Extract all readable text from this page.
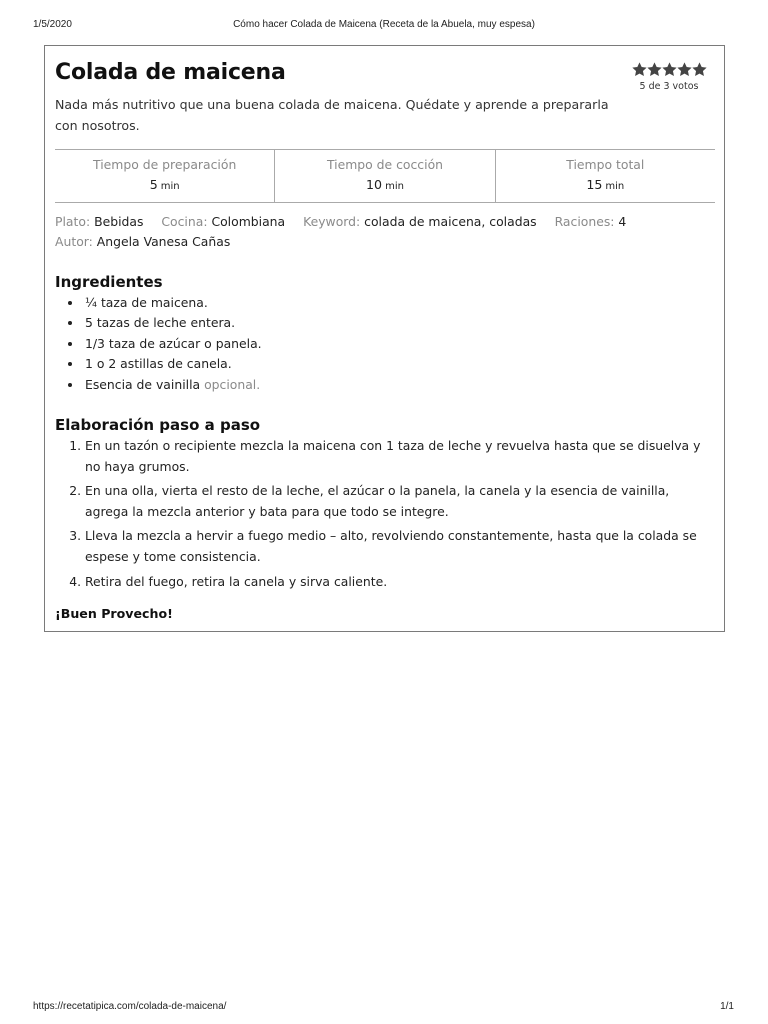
1/5/2020	Cómo hacer Colada de Maicena (Receta de la Abuela, muy espesa)
Colada de maicena
Nada más nutritivo que una buena colada de maicena. Quédate y aprende a prepararla con nosotros.
5 de 3 votos
Tiempo de preparación
5 min
Tiempo de cocción
10 min
Tiempo total
15 min
Plato: Bebidas Cocina: Colombiana Keyword: colada de maicena, coladas Raciones: 4
Autor: Angela Vanesa Cañas
Ingredientes
• ¼ taza de maicena.
• 5 tazas de leche entera.
• 1/3 taza de azúcar o panela.
• 1 o 2 astillas de canela.
• Esencia de vainilla opcional.
Elaboración paso a paso
1. En un tazón o recipiente mezcla la maicena con 1 taza de leche y revuelva hasta que se disuelva y no haya grumos.
2. En una olla, vierta el resto de la leche, el azúcar o la panela, la canela y la esencia de vainilla, agrega la mezcla anterior y bata para que todo se integre.
3. Lleva la mezcla a hervir a fuego medio – alto, revolviendo constantemente, hasta que la colada se espese y tome consistencia.
4. Retira del fuego, retira la canela y sirva caliente.
¡Buen Provecho!
https://recetatipica.com/colada-de-maicena/	1/1
